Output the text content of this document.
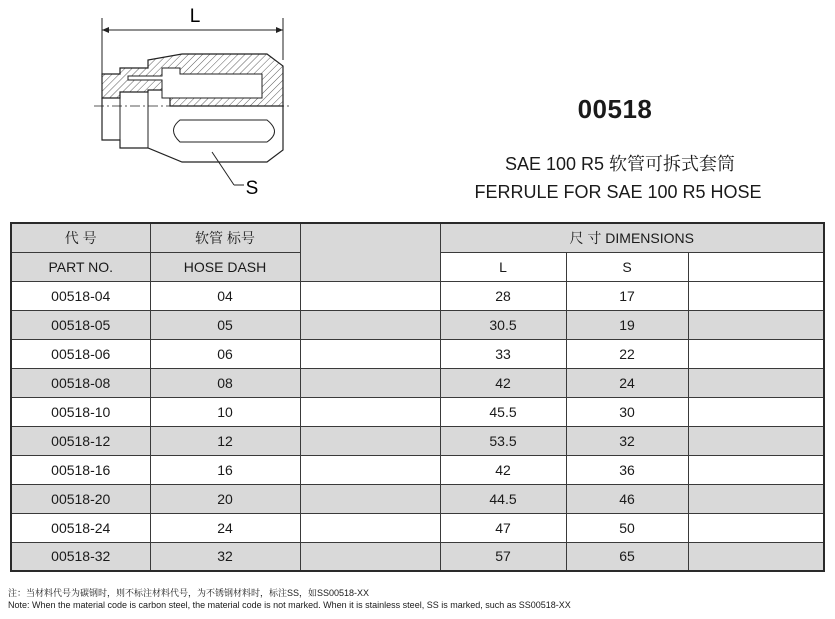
L
S
00518
SAE 100 R5 软管可拆式套筒
FERRULE FOR SAE 100 R5 HOSE
代 号	软管 标号		尺 寸 DIMENSIONS		
PART NO.	HOSE DASH		L	S	
00518-04	04		28	17	
00518-05	05		30.5	19	
00518-06	06		33	22	
00518-08	08		42	24	
00518-10	10		45.5	30	
00518-12	12		53.5	32	
00518-16	16		42	36	
00518-20	20		44.5	46	
00518-24	24		47	50	
00518-32	32		57	65	
注：当材料代号为碳钢时，则不标注材料代号，为不锈钢材料时，标注SS，如SS00518-XX
Note: When the material code is carbon steel, the material code is not marked. When it is stainless steel, SS is marked, such as SS00518-XX
